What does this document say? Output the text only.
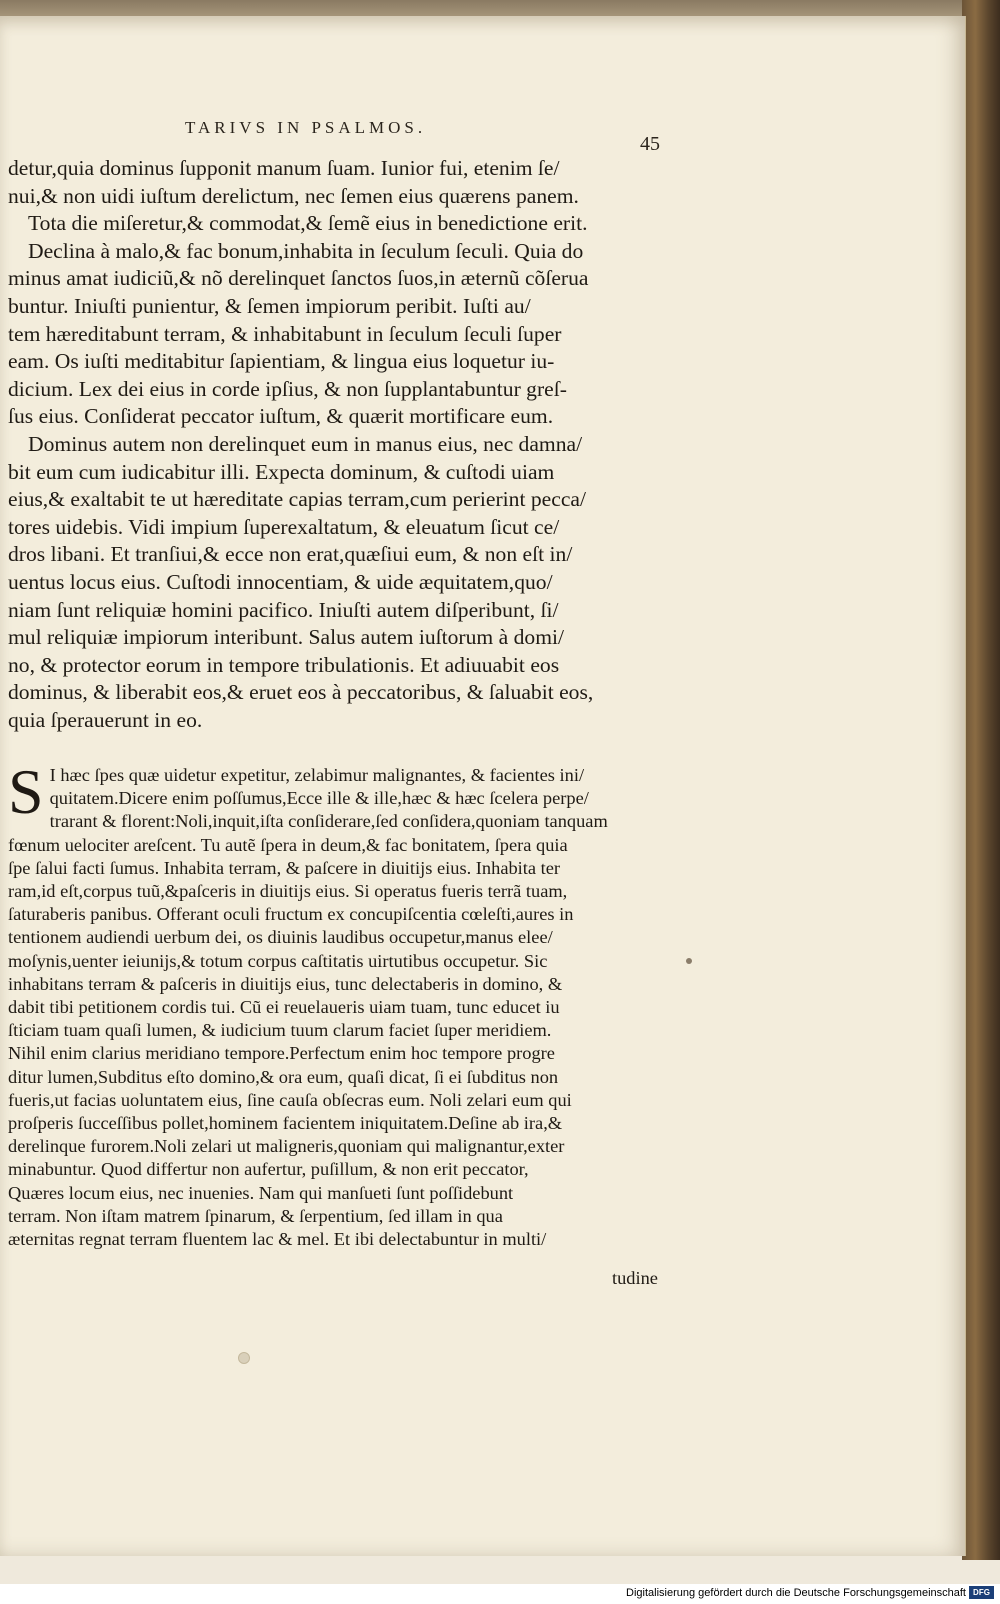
TARIVS IN PSALMOS.
45
detur,quia dominus ſupponit manum ſuam. Iunior fui, etenim ſe/
nui,& non uidi iuſtum derelictum, nec ſemen eius quærens panem.
Tota die miſeretur,& commodat,& ſemẽ eius in benedictione erit.
Declina à malo,& fac bonum,inhabita in ſeculum ſeculi. Quia do
minus amat iudiciũ,& nõ derelinquet ſanctos ſuos,in æternũ cõſerua
buntur. Iniuſti punientur, & ſemen impiorum peribit. Iuſti au/
tem hæreditabunt terram, & inhabitabunt in ſeculum ſeculi ſuper
eam. Os iuſti meditabitur ſapientiam, & lingua eius loquetur iu-
dicium. Lex dei eius in corde ipſius, & non ſupplantabuntur greſ-
ſus eius. Conſiderat peccator iuſtum, & quærit mortificare eum.
Dominus autem non derelinquet eum in manus eius, nec damna/
bit eum cum iudicabitur illi. Expecta dominum, & cuſtodi uiam
eius,& exaltabit te ut hæreditate capias terram,cum perierint pecca/
tores uidebis. Vidi impium ſuperexaltatum, & eleuatum ſicut ce/
dros libani. Et tranſiui,& ecce non erat,quæſiui eum, & non eſt in/
uentus locus eius. Cuſtodi innocentiam, & uide æquitatem,quo/
niam ſunt reliquiæ homini pacifico. Iniuſti autem diſperibunt, ſi/
mul reliquiæ impiorum interibunt. Salus autem iuſtorum à domi/
no, & protector eorum in tempore tribulationis. Et adiuuabit eos
dominus, & liberabit eos,& eruet eos à peccatoribus, & ſaluabit eos,
quia ſperauerunt in eo.
S I hæc ſpes quæ uidetur expetitur, zelabimur malignantes, & facientes ini/
quitatem.Dicere enim poſſumus,Ecce ille & ille,hæc & hæc ſcelera perpe/
trarant & florent:Noli,inquit,iſta conſiderare,ſed conſidera,quoniam tanquam
fœnum uelociter areſcent. Tu autẽ ſpera in deum,& fac bonitatem, ſpera quia
ſpe ſalui facti ſumus. Inhabita terram, & paſcere in diuitijs eius. Inhabita ter
ram,id eſt,corpus tuũ,&paſceris in diuitijs eius. Si operatus fueris terrã tuam,
ſaturaberis panibus. Offerant oculi fructum ex concupiſcentia cœleſti,aures in
tentionem audiendi uerbum dei, os diuinis laudibus occupetur,manus elee/
moſynis,uenter ieiunijs,& totum corpus caſtitatis uirtutibus occupetur. Sic
inhabitans terram & paſceris in diuitijs eius, tunc delectaberis in domino, &
dabit tibi petitionem cordis tui. Cũ ei reuelaueris uiam tuam, tunc educet iu
ſticiam tuam quaſi lumen, & iudicium tuum clarum faciet ſuper meridiem.
Nihil enim clarius meridiano tempore.Perfectum enim hoc tempore progre
ditur lumen,Subditus eſto domino,& ora eum, quaſi dicat, ſi ei ſubditus non
fueris,ut facias uoluntatem eius, ſine cauſa obſecras eum. Noli zelari eum qui
proſperis ſucceſſibus pollet,hominem facientem iniquitatem.Deſine ab ira,&
derelinque furorem.Noli zelari ut maligneris,quoniam qui malignantur,exter
minabuntur. Quod differtur non aufertur, puſillum, & non erit peccator,
Quæres locum eius, nec inuenies. Nam qui manſueti ſunt poſſidebunt
terram. Non iſtam matrem ſpinarum, & ſerpentium, ſed illam in qua
æternitas regnat terram fluentem lac & mel. Et ibi delectabuntur in multi/
tudine
Digitalisierung gefördert durch die Deutsche Forschungsgemeinschaft DFG
